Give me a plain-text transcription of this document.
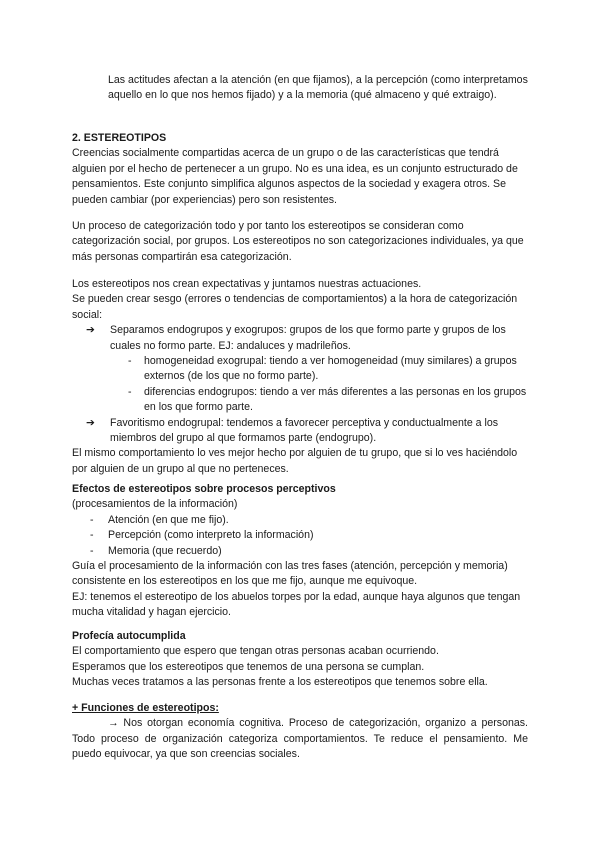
Las actitudes afectan a la atención (en que fijamos), a la percepción (como interpretamos aquello en lo que nos hemos fijado) y a la memoria (qué almaceno y qué extraigo).

2. ESTEREOTIPOS

Creencias socialmente compartidas acerca de un grupo o de las características que tendrá alguien por el hecho de pertenecer a un grupo. No es una idea, es un conjunto estructurado de pensamientos. Este conjunto simplifica algunos aspectos de la sociedad y exagera otros. Se pueden cambiar (por experiencias) pero son resistentes.

Un proceso de categorización todo y por tanto los estereotipos se consideran como categorización social, por grupos. Los estereotipos no son categorizaciones individuales, ya que más personas compartirán esa categorización.

Los estereotipos nos crean expectativas y juntamos nuestras actuaciones.

Se pueden crear sesgo (errores o tendencias de comportamientos) a la hora de categorización social:

➔ Separamos endogrupos y exogrupos: grupos de los que formo parte y grupos de los cuales no formo parte. EJ: andaluces y madrileños.
- homogeneidad exogrupal: tiendo a ver homogeneidad (muy similares) a grupos externos (de los que no formo parte).
- diferencias endogrupos: tiendo a ver más diferentes a las personas en los grupos en los que formo parte.
➔ Favoritismo endogrupal: tendemos a favorecer perceptiva y conductualmente a los miembros del grupo al que formamos parte (endogrupo).

El mismo comportamiento lo ves mejor hecho por alguien de tu grupo, que si lo ves haciéndolo por alguien de un grupo al que no perteneces.

Efectos de estereotipos sobre procesos perceptivos

(procesamientos de la información)

- Atención (en que me fijo).
- Percepción (como interpreto la información)
- Memoria (que recuerdo)

Guía el procesamiento de la información con las tres fases (atención, percepción y memoria) consistente en los estereotipos en los que me fijo, aunque me equivoque.

EJ: tenemos el estereotipo de los abuelos torpes por la edad, aunque haya algunos que tengan mucha vitalidad y hagan ejercicio.

Profecía autocumplida

El comportamiento que espero que tengan otras personas acaban ocurriendo.

Esperamos que los estereotipos que tenemos de una persona se cumplan.

Muchas veces tratamos a las personas frente a los estereotipos que tenemos sobre ella.

+ Funciones de estereotipos:

→ Nos otorgan economía cognitiva. Proceso de categorización, organizo a personas. Todo proceso de organización categoriza comportamientos. Te reduce el pensamiento. Me puedo equivocar, ya que son creencias sociales.
